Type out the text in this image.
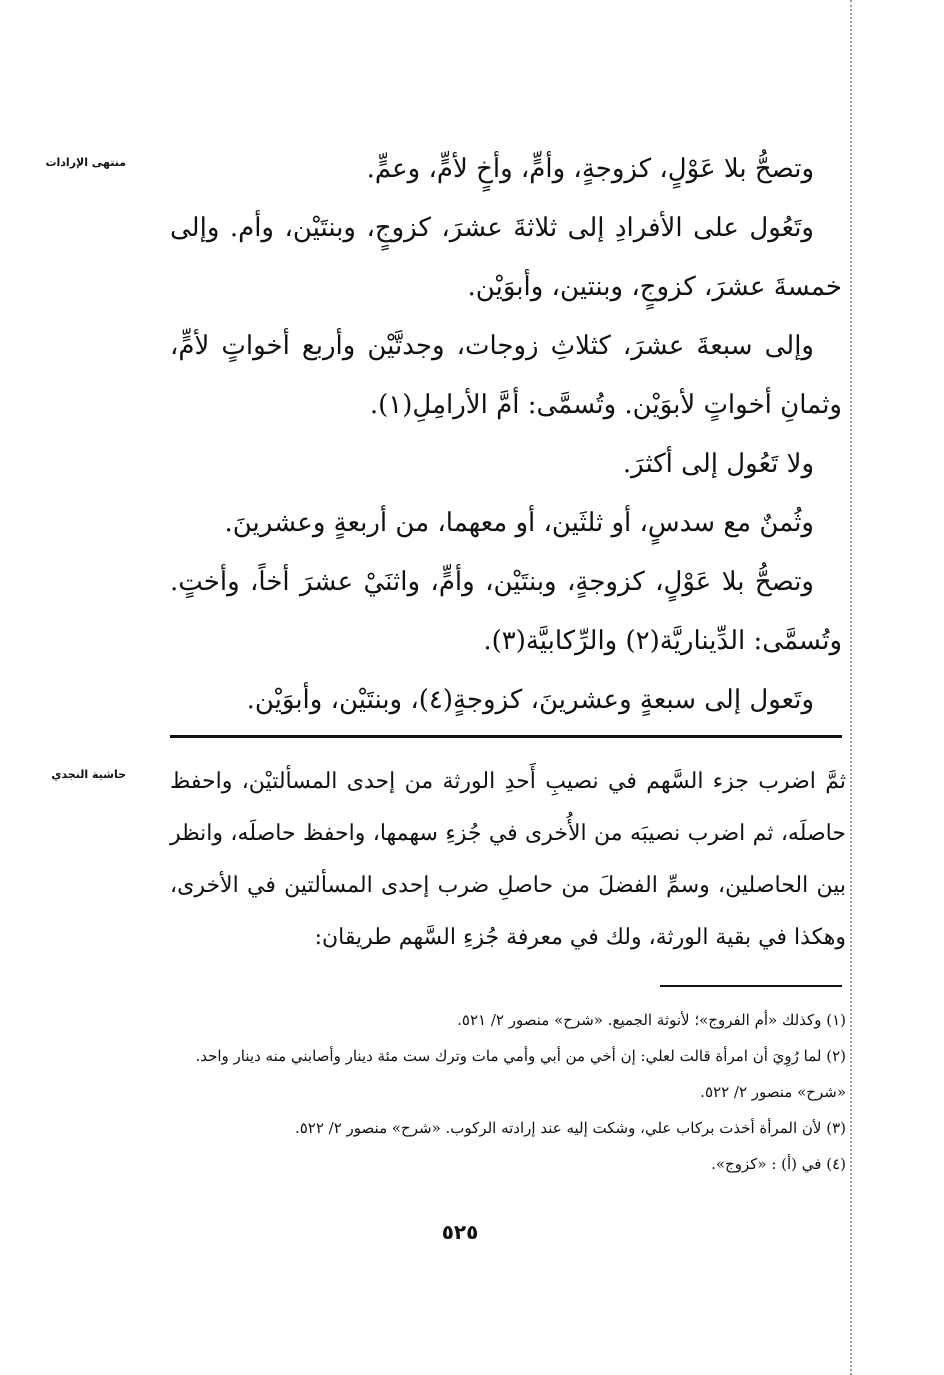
منتهى الإرادات
حاشية النجدي

وتصحُّ بلا عَوْلٍ، كزوجةٍ، وأمٍّ، وأخٍ لأمٍّ، وعمٍّ.

وتَعُول على الأفرادِ إلى ثلاثةَ عشرَ، كزوجٍ، وبنتَيْن، وأم. وإلى خمسةَ عشرَ، كزوجٍ، وبنتين، وأبوَيْن.

وإلى سبعةَ عشرَ، كثلاثِ زوجات، وجدتَّيْن وأربع أخواتٍ لأمٍّ، وثمانِ أخواتٍ لأبوَيْن. وتُسمَّى: أمَّ الأرامِلِ(١).

ولا تَعُول إلى أكثرَ.

وثُمنٌ مع سدسٍ، أو ثلثَين، أو معهما، من أربعةٍ وعشرينَ.

وتصحُّ بلا عَوْلٍ، كزوجةٍ، وبنتَيْن، وأمٍّ، واثنَيْ عشرَ أخاً، وأختٍ. وتُسمَّى: الدِّيناريَّة(٢) والرِّكابيَّة(٣).

وتَعول إلى سبعةٍ وعشرينَ، كزوجةٍ(٤)، وبنتَيْن، وأبوَيْن.

ثمَّ اضرب جزء السَّهم في نصيبِ أَحدِ الورثة من إحدى المسألتيْن، واحفظ حاصلَه، ثم اضرب نصيبَه من الأُخرى في جُزءِ سهمها، واحفظ حاصلَه، وانظر بين الحاصلين، وسمِّ الفضلَ من حاصلِ ضرب إحدى المسألتين في الأخرى، وهكذا في بقية الورثة، ولك في معرفة جُزءِ السَّهم طريقان:

(١) وكذلك «أم الفروج»؛ لأنوثة الجميع. «شرح» منصور ٢/ ٥٢١.

(٢) لما رُوِيَ أن امرأة قالت لعلي: إن أخي من أبي وأمي مات وترك ست مئة دينار وأصابني منه دينار واحد. «شرح» منصور ٢/ ٥٢٢.

(٣) لأن المرأة أخذت بركاب علي، وشكت إليه عند إرادته الركوب. «شرح» منصور ٢/ ٥٢٢.

(٤) في (أ) : «كزوج».

٥٢٥
